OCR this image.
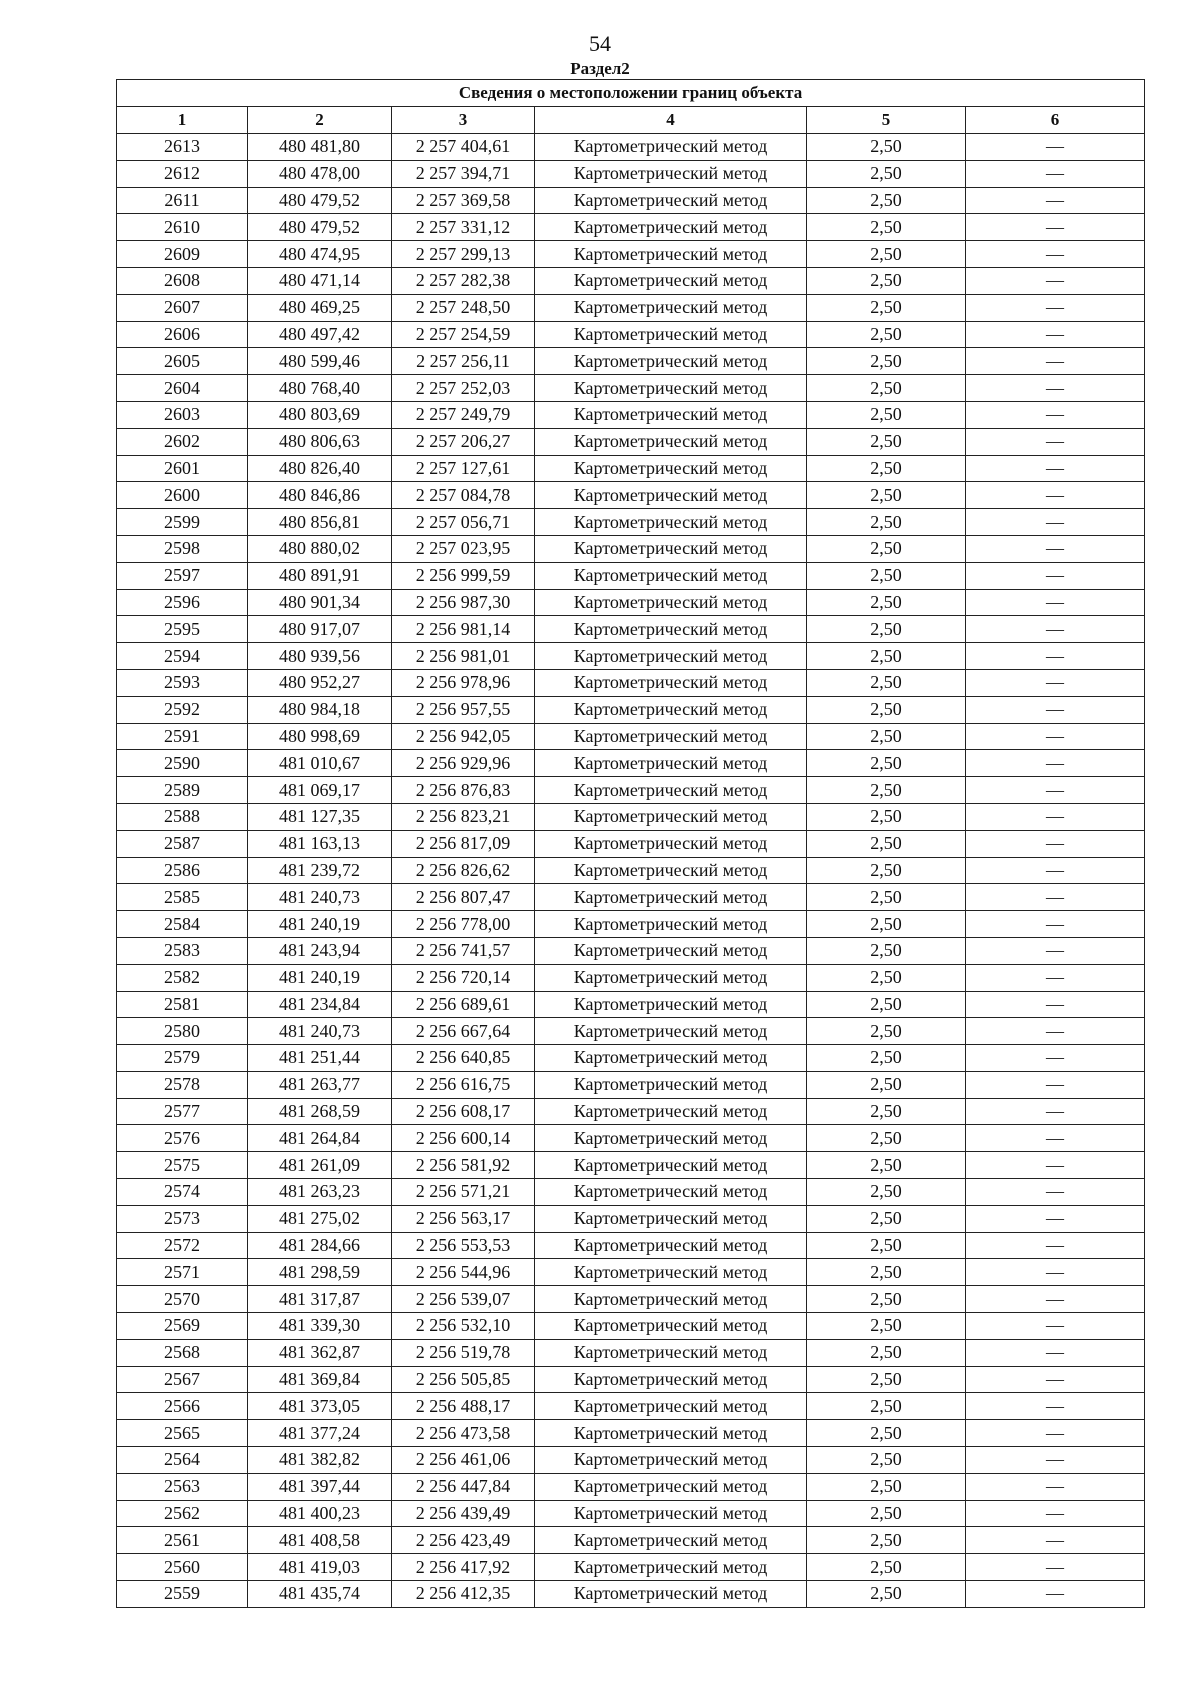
54
Раздел2
Сведения о местоположении границ объекта					
1	2	3	4	5	6
2613	480 481,80	2 257 404,61	Картометрический метод	2,50	—
2612	480 478,00	2 257 394,71	Картометрический метод	2,50	—
2611	480 479,52	2 257 369,58	Картометрический метод	2,50	—
2610	480 479,52	2 257 331,12	Картометрический метод	2,50	—
2609	480 474,95	2 257 299,13	Картометрический метод	2,50	—
2608	480 471,14	2 257 282,38	Картометрический метод	2,50	—
2607	480 469,25	2 257 248,50	Картометрический метод	2,50	—
2606	480 497,42	2 257 254,59	Картометрический метод	2,50	—
2605	480 599,46	2 257 256,11	Картометрический метод	2,50	—
2604	480 768,40	2 257 252,03	Картометрический метод	2,50	—
2603	480 803,69	2 257 249,79	Картометрический метод	2,50	—
2602	480 806,63	2 257 206,27	Картометрический метод	2,50	—
2601	480 826,40	2 257 127,61	Картометрический метод	2,50	—
2600	480 846,86	2 257 084,78	Картометрический метод	2,50	—
2599	480 856,81	2 257 056,71	Картометрический метод	2,50	—
2598	480 880,02	2 257 023,95	Картометрический метод	2,50	—
2597	480 891,91	2 256 999,59	Картометрический метод	2,50	—
2596	480 901,34	2 256 987,30	Картометрический метод	2,50	—
2595	480 917,07	2 256 981,14	Картометрический метод	2,50	—
2594	480 939,56	2 256 981,01	Картометрический метод	2,50	—
2593	480 952,27	2 256 978,96	Картометрический метод	2,50	—
2592	480 984,18	2 256 957,55	Картометрический метод	2,50	—
2591	480 998,69	2 256 942,05	Картометрический метод	2,50	—
2590	481 010,67	2 256 929,96	Картометрический метод	2,50	—
2589	481 069,17	2 256 876,83	Картометрический метод	2,50	—
2588	481 127,35	2 256 823,21	Картометрический метод	2,50	—
2587	481 163,13	2 256 817,09	Картометрический метод	2,50	—
2586	481 239,72	2 256 826,62	Картометрический метод	2,50	—
2585	481 240,73	2 256 807,47	Картометрический метод	2,50	—
2584	481 240,19	2 256 778,00	Картометрический метод	2,50	—
2583	481 243,94	2 256 741,57	Картометрический метод	2,50	—
2582	481 240,19	2 256 720,14	Картометрический метод	2,50	—
2581	481 234,84	2 256 689,61	Картометрический метод	2,50	—
2580	481 240,73	2 256 667,64	Картометрический метод	2,50	—
2579	481 251,44	2 256 640,85	Картометрический метод	2,50	—
2578	481 263,77	2 256 616,75	Картометрический метод	2,50	—
2577	481 268,59	2 256 608,17	Картометрический метод	2,50	—
2576	481 264,84	2 256 600,14	Картометрический метод	2,50	—
2575	481 261,09	2 256 581,92	Картометрический метод	2,50	—
2574	481 263,23	2 256 571,21	Картометрический метод	2,50	—
2573	481 275,02	2 256 563,17	Картометрический метод	2,50	—
2572	481 284,66	2 256 553,53	Картометрический метод	2,50	—
2571	481 298,59	2 256 544,96	Картометрический метод	2,50	—
2570	481 317,87	2 256 539,07	Картометрический метод	2,50	—
2569	481 339,30	2 256 532,10	Картометрический метод	2,50	—
2568	481 362,87	2 256 519,78	Картометрический метод	2,50	—
2567	481 369,84	2 256 505,85	Картометрический метод	2,50	—
2566	481 373,05	2 256 488,17	Картометрический метод	2,50	—
2565	481 377,24	2 256 473,58	Картометрический метод	2,50	—
2564	481 382,82	2 256 461,06	Картометрический метод	2,50	—
2563	481 397,44	2 256 447,84	Картометрический метод	2,50	—
2562	481 400,23	2 256 439,49	Картометрический метод	2,50	—
2561	481 408,58	2 256 423,49	Картометрический метод	2,50	—
2560	481 419,03	2 256 417,92	Картометрический метод	2,50	—
2559	481 435,74	2 256 412,35	Картометрический метод	2,50	—
